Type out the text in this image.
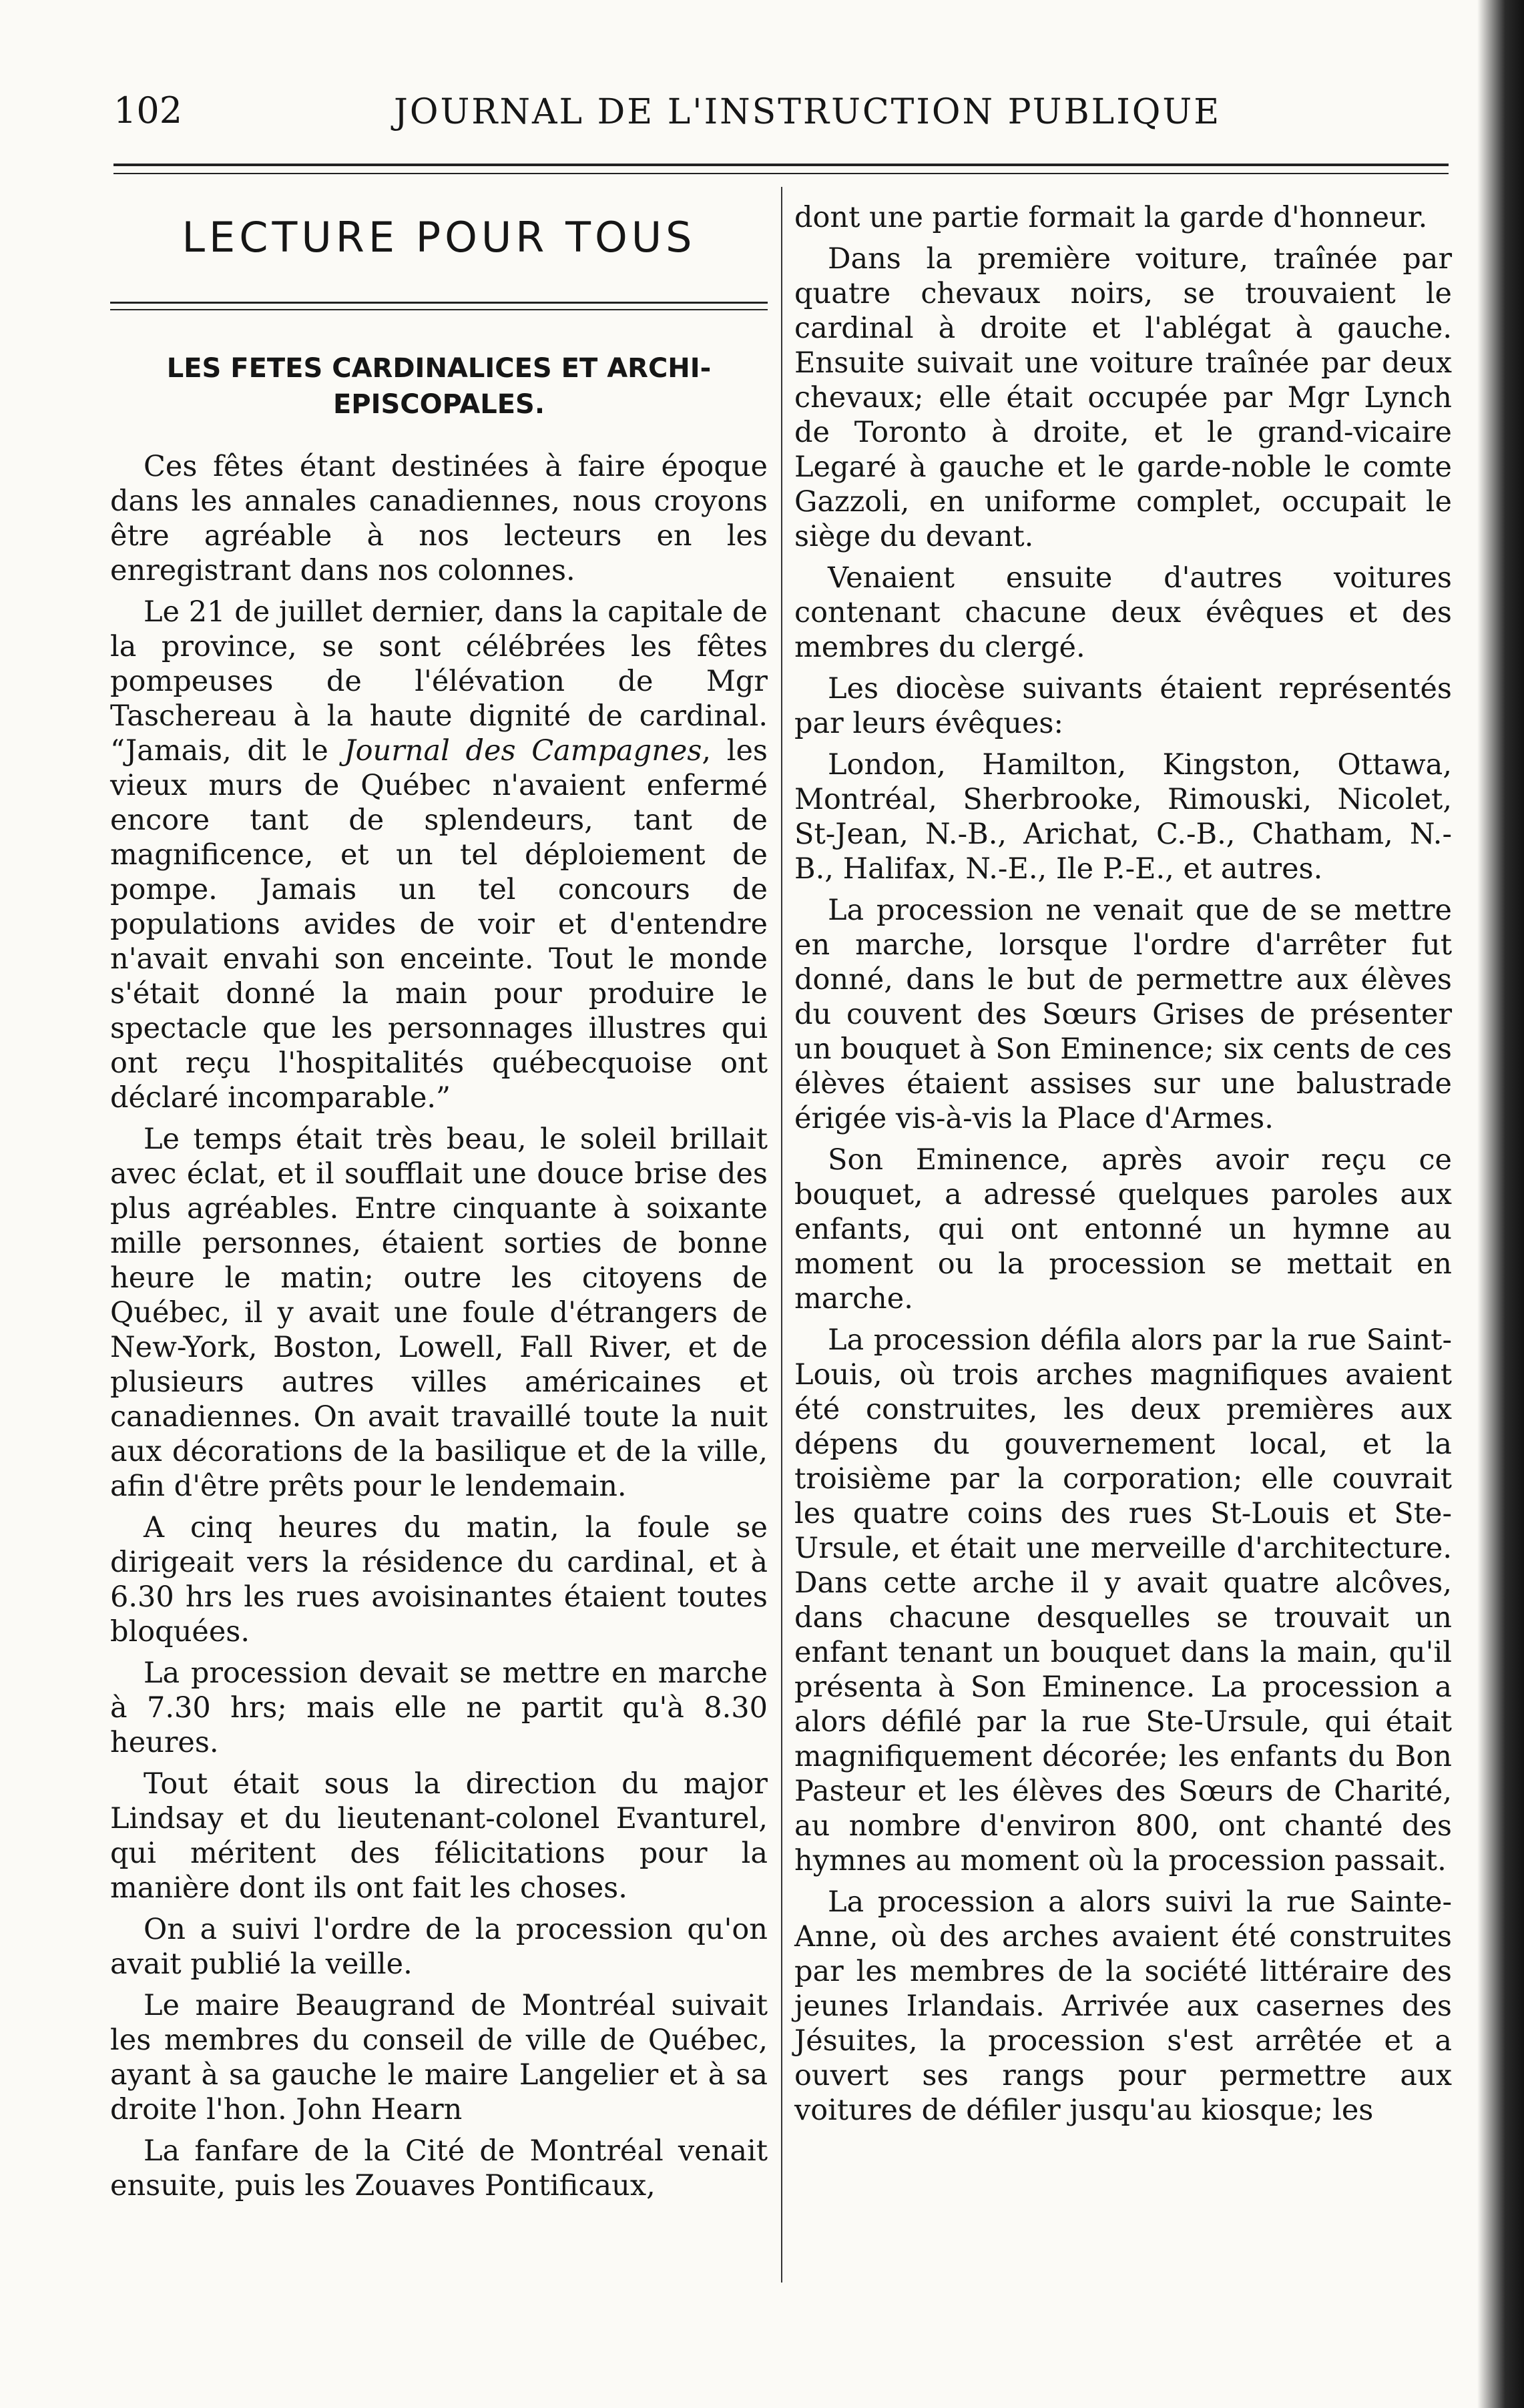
102	JOURNAL DE L'INSTRUCTION PUBLIQUE
LECTURE POUR TOUS
LES FETES CARDINALICES ET ARCHI-
EPISCOPALES.

Ces fêtes étant destinées à faire époque dans les annales canadiennes, nous croyons être agréable à nos lecteurs en les enregistrant dans nos colonnes.

Le 21 de juillet dernier, dans la capitale de la province, se sont célébrées les fêtes pompeuses de l'élévation de Mgr Taschereau à la haute dignité de cardinal. “Jamais, dit le Journal des Campagnes, les vieux murs de Québec n'avaient enfermé encore tant de splendeurs, tant de magnificence, et un tel déploiement de pompe. Jamais un tel concours de populations avides de voir et d'entendre n'avait envahi son enceinte. Tout le monde s'était donné la main pour produire le spectacle que les personnages illustres qui ont reçu l'hospitalités québecquoise ont déclaré incomparable.”

Le temps était très beau, le soleil brillait avec éclat, et il soufflait une douce brise des plus agréables. Entre cinquante à soixante mille personnes, étaient sorties de bonne heure le matin; outre les citoyens de Québec, il y avait une foule d'étrangers de New-York, Boston, Lowell, Fall River, et de plusieurs autres villes américaines et canadiennes. On avait travaillé toute la nuit aux décorations de la basilique et de la ville, afin d'être prêts pour le lendemain.

A cinq heures du matin, la foule se dirigeait vers la résidence du cardinal, et à 6.30 hrs les rues avoisinantes étaient toutes bloquées.

La procession devait se mettre en marche à 7.30 hrs; mais elle ne partit qu'à 8.30 heures.

Tout était sous la direction du major Lindsay et du lieutenant-colonel Evanturel, qui méritent des félicitations pour la manière dont ils ont fait les choses.

On a suivi l'ordre de la procession qu'on avait publié la veille.

Le maire Beaugrand de Montréal suivait les membres du conseil de ville de Québec, ayant à sa gauche le maire Langelier et à sa droite l'hon. John Hearn

La fanfare de la Cité de Montréal venait ensuite, puis les Zouaves Pontificaux,

dont une partie formait la garde d'honneur.

Dans la première voiture, traînée par quatre chevaux noirs, se trouvaient le cardinal à droite et l'ablégat à gauche. Ensuite suivait une voiture traînée par deux chevaux; elle était occupée par Mgr Lynch de Toronto à droite, et le grand-vicaire Legaré à gauche et le garde-noble le comte Gazzoli, en uniforme complet, occupait le siège du devant.

Venaient ensuite d'autres voitures contenant chacune deux évêques et des membres du clergé.

Les diocèse suivants étaient représentés par leurs évêques:

London, Hamilton, Kingston, Ottawa, Montréal, Sherbrooke, Rimouski, Nicolet, St-Jean, N.-B., Arichat, C.-B., Chatham, N.-B., Halifax, N.-E., Ile P.-E., et autres.

La procession ne venait que de se mettre en marche, lorsque l'ordre d'arrêter fut donné, dans le but de permettre aux élèves du couvent des Sœurs Grises de présenter un bouquet à Son Eminence; six cents de ces élèves étaient assises sur une balustrade érigée vis-à-vis la Place d'Armes.

Son Eminence, après avoir reçu ce bouquet, a adressé quelques paroles aux enfants, qui ont entonné un hymne au moment ou la procession se mettait en marche.

La procession défila alors par la rue Saint-Louis, où trois arches magnifiques avaient été construites, les deux premières aux dépens du gouvernement local, et la troisième par la corporation; elle couvrait les quatre coins des rues St-Louis et Ste-Ursule, et était une merveille d'architecture. Dans cette arche il y avait quatre alcôves, dans chacune desquelles se trouvait un enfant tenant un bouquet dans la main, qu'il présenta à Son Eminence. La procession a alors défilé par la rue Ste-Ursule, qui était magnifiquement décorée; les enfants du Bon Pasteur et les élèves des Sœurs de Charité, au nombre d'environ 800, ont chanté des hymnes au moment où la procession passait.

La procession a alors suivi la rue Sainte-Anne, où des arches avaient été construites par les membres de la société littéraire des jeunes Irlandais. Arrivée aux casernes des Jésuites, la procession s'est arrêtée et a ouvert ses rangs pour permettre aux voitures de défiler jusqu'au kiosque; les
